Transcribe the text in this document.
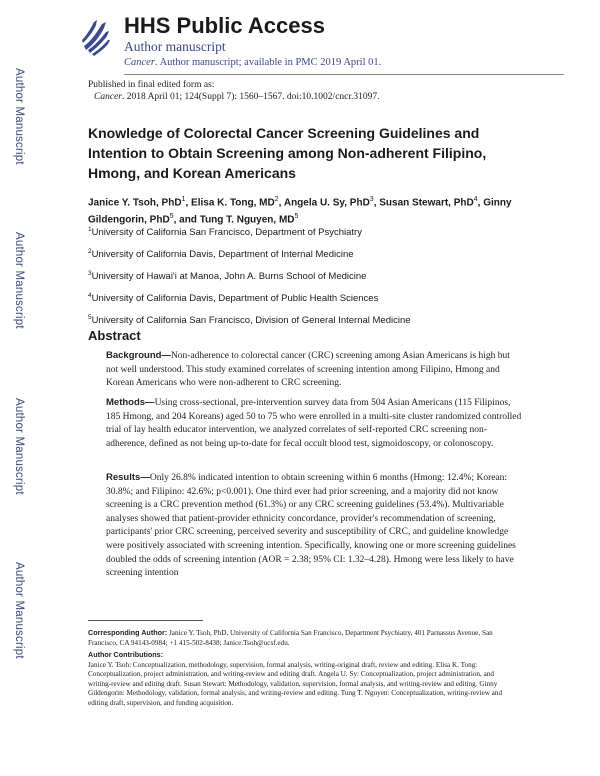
Author Manuscript
Author Manuscript
Author Manuscript
Author Manuscript
HHS Public Access
Author manuscript
Cancer. Author manuscript; available in PMC 2019 April 01.
Published in final edited form as:
Cancer. 2018 April 01; 124(Suppl 7): 1560–1567. doi:10.1002/cncr.31097.
Knowledge of Colorectal Cancer Screening Guidelines and Intention to Obtain Screening among Non-adherent Filipino, Hmong, and Korean Americans
Janice Y. Tsoh, PhD$^1$, Elisa K. Tong, $MD^2$, Angela U. Sy, PhD$^3$, Susan Stewart, PhD$^4$, Ginny Gildengorin, PhD$^5$, and Tung T. Nguyen, $MD^5$
$^1$University of California San Francisco, Department of Psychiatry
$^2$University of California Davis, Department of Internal Medicine
$^3$University of Hawai'i at Manoa, John A. Burns School of Medicine
$^4$University of California Davis, Department of Public Health Sciences
$^5$University of California San Francisco, Division of General Internal Medicine
Abstract
Background—Non-adherence to colorectal cancer (CRC) screening among Asian Americans is high but not well understood. This study examined correlates of screening intention among Filipino, Hmong and Korean Americans who were non-adherent to CRC screening.
Methods—Using cross-sectional, pre-intervention survey data from 504 Asian Americans (115 Filipinos, 185 Hmong, and 204 Koreans) aged 50 to 75 who were enrolled in a multi-site cluster randomized controlled trial of lay health educator intervention, we analyzed correlates of self-reported CRC screening non-adherence, defined as not being up-to-date for fecal occult blood test, sigmoidoscopy, or colonoscopy.
Results—Only 26.8% indicated intention to obtain screening within 6 months (Hmong: 12.4%; Korean: 30.8%; and Filipino: 42.6%; p<0.001). One third ever had prior screening, and a majority did not know screening is a CRC prevention method (61.3%) or any CRC screening guidelines (53.4%). Multivariable analyses showed that patient-provider ethnicity concordance, provider's recommendation of screening, participants' prior CRC screening, perceived severity and susceptibility of CRC, and guideline knowledge were positively associated with screening intention. Specifically, knowing one or more screening guidelines doubled the odds of screening intention (AOR = 2.38; 95% CI: 1.32–4.28). Hmong were less likely to have screening intention
Corresponding Author: Janice Y. Tsoh, PhD, University of California San Francisco, Department Psychiatry, 401 Parnassus Avenue, San Francisco, CA 94143-0984; +1 415-502-8438; Janice.Tsoh@ucsf.edu.
Author Contributions:
Janice Y. Tsoh: Conceptualization, methodology, supervision, formal analysis, writing-original draft, review and editing. Elisa K. Tong: Conceptualization, project administration, and writing-review and editing draft. Angela U. Sy: Conceptualization, project administration, and writing-review and editing draft. Susan Stewart: Methodology, validation, supervision, formal analysis, and writing-review and editing. Ginny Gildengorin: Methodology, validation, formal analysis, and writing-review and editing. Tung T. Nguyen: Conceptualization, writing-review and editing draft, supervision, and funding acquisition.
